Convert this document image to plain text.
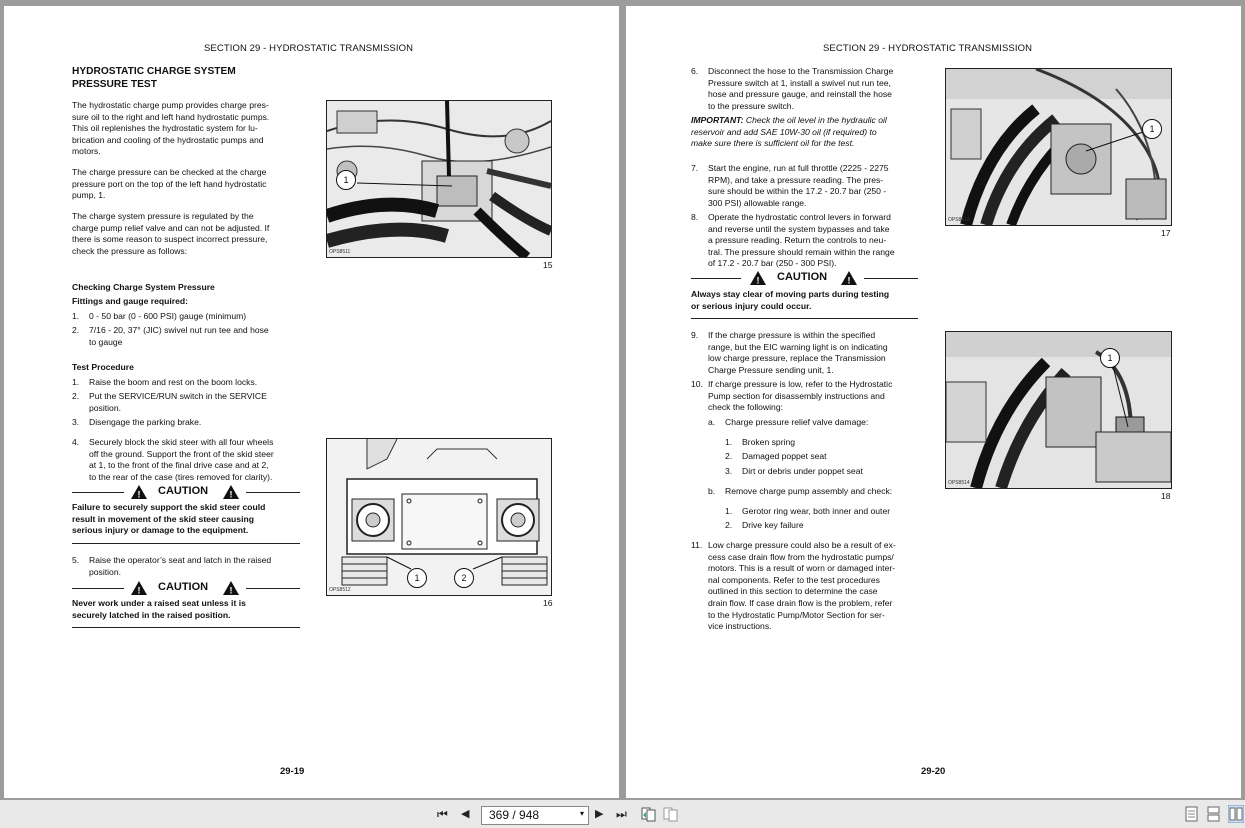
SECTION 29 - HYDROSTATIC TRANSMISSION
HYDROSTATIC CHARGE SYSTEM
PRESSURE TEST
The hydrostatic charge pump provides charge pres-
sure oil to the right and left hand hydrostatic pumps.
This oil replenishes the hydrostatic system for lu-
brication and cooling of the hydrostatic pumps and
motors.
The charge pressure can be checked at the charge
pressure port on the top of the left hand hydrostatic
pump, 1.
The charge system pressure is regulated by the
charge pump relief valve and can not be adjusted. If
there is some reason to suspect incorrect pressure,
check the pressure as follows:
1
OPS8511
15
Checking Charge System Pressure
Fittings and gauge required:
1. 0 - 50 bar (0 - 600 PSI) gauge (minimum)
2. 7/16 - 20, 37° (JIC) swivel nut run tee and hose
to gauge
Test Procedure
1. Raise the boom and rest on the boom locks.
2. Put the SERVICE/RUN switch in the SERVICE
position.
3. Disengage the parking brake.
4. Securely block the skid steer with all four wheels
off the ground. Support the front of the skid steer
at 1, to the front of the final drive case and at 2,
to the rear of the case (tires removed for clarity).
! CAUTION !
Failure to securely support the skid steer could
result in movement of the skid steer causing
serious injury or damage to the equipment.
5. Raise the operator’s seat and latch in the raised
position.
! CAUTION !
Never work under a raised seat unless it is
securely latched in the raised position.
1	2
OPS8512
16
29-19
SECTION 29 - HYDROSTATIC TRANSMISSION
6. Disconnect the hose to the Transmission Charge
Pressure switch at 1, install a swivel nut run tee,
hose and pressure gauge, and reinstall the hose
to the pressure switch.
IMPORTANT: Check the oil level in the hydraulic oil
reservoir and add SAE 10W-30 oil (if required) to
make sure there is sufficient oil for the test.
7. Start the engine, run at full throttle (2225 - 2275
RPM), and take a pressure reading. The pres-
sure should be within the 17.2 - 20.7 bar (250 -
300 PSI) allowable range.
8. Operate the hydrostatic control levers in forward
and reverse until the system bypasses and take
a pressure reading. Return the controls to neu-
tral. The pressure should remain within the range
of 17.2 - 20.7 bar (250 - 300 PSI).
! CAUTION !
Always stay clear of moving parts during testing
or serious injury could occur.
9. If the charge pressure is within the specified
range, but the EIC warning light is on indicating
low charge pressure, replace the Transmission
Charge Pressure sending unit, 1.
10. If charge pressure is low, refer to the Hydrostatic
Pump section for disassembly instructions and
check the following:
a. Charge pressure relief valve damage:
1. Broken spring
2. Damaged poppet seat
3. Dirt or debris under poppet seat
b. Remove charge pump assembly and check:
1. Gerotor ring wear, both inner and outer
2. Drive key failure
11. Low charge pressure could also be a result of ex-
cess case drain flow from the hydrostatic pumps/
motors. This is a result of worn or damaged inter-
nal components. Refer to the test procedures
outlined in this section to determine the case
drain flow. If case drain flow is the problem, refer
to the Hydrostatic Pump/Motor Section for ser-
vice instructions.
1
OPS8513
17
1
OPS8514
18
29-20
⏮ ◀ 369 / 948	▾ ▶ ⏭
